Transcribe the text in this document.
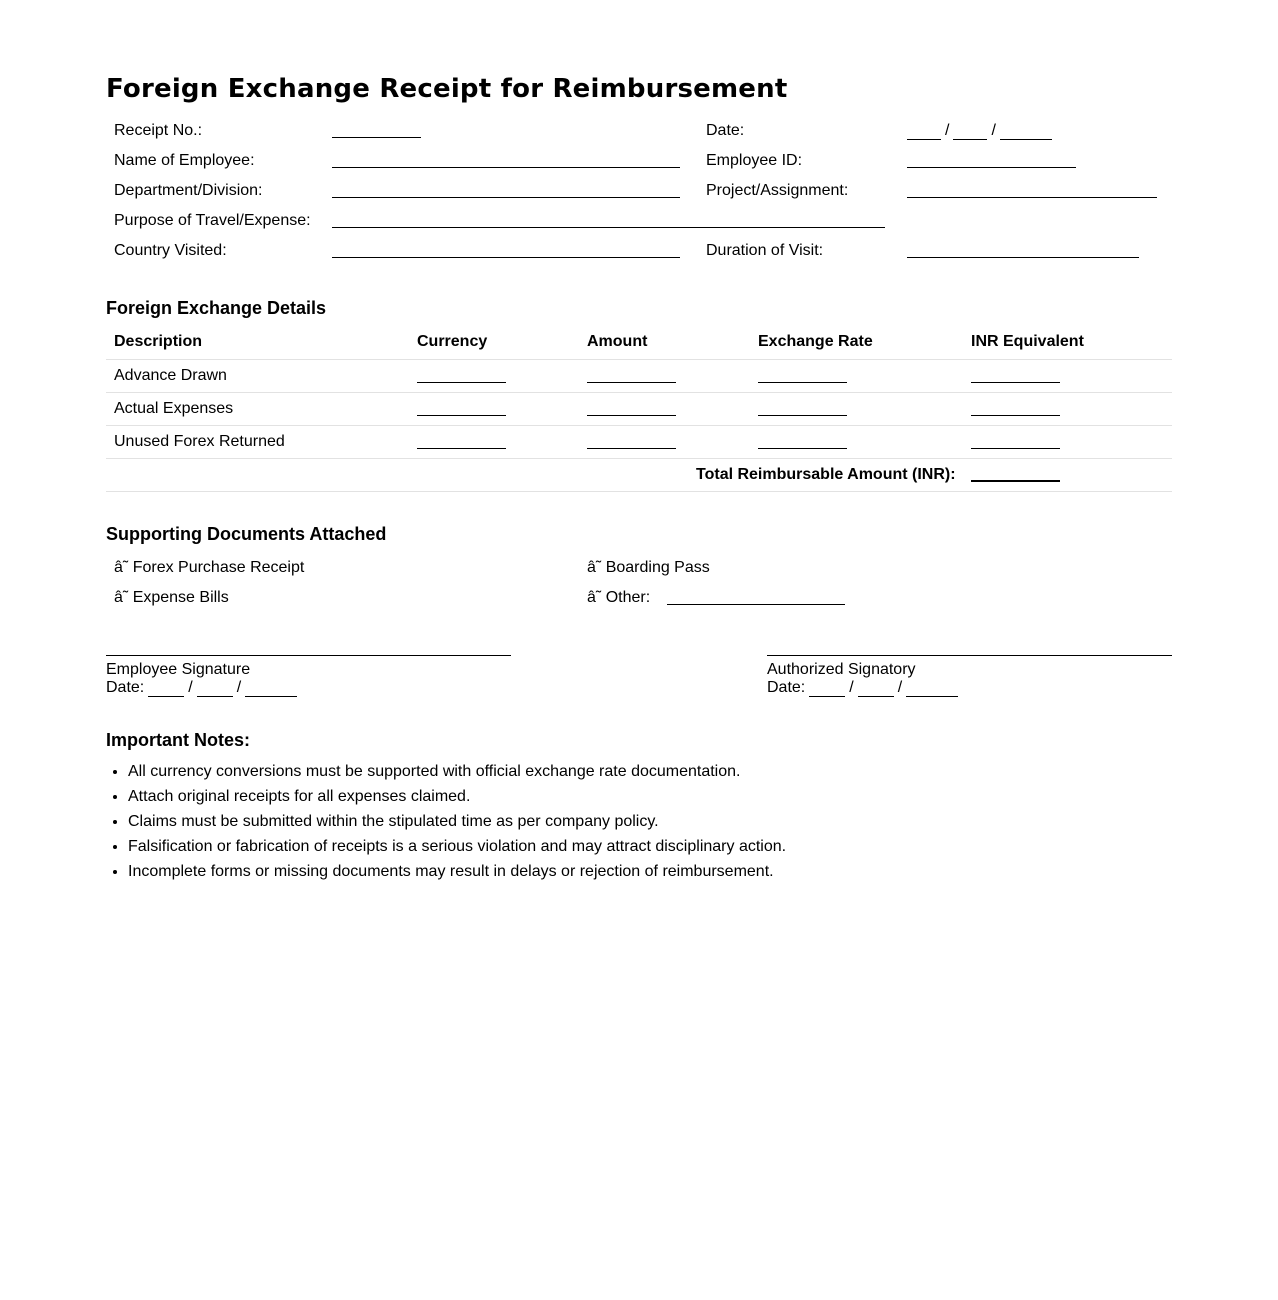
Foreign Exchange Receipt for Reimbursement
Receipt No.:	Date:	/	/
Name of Employee:	Employee ID:
Department/Division:	Project/Assignment:
Purpose of Travel/Expense:
Country Visited:	Duration of Visit:
Foreign Exchange Details
Description	Currency	Amount	Exchange Rate	INR Equivalent
Advance Drawn
Actual Expenses
Unused Forex Returned
Total Reimbursable Amount (INR):
Supporting Documents Attached
â˜ Forex Purchase Receipt	â˜ Boarding Pass
â˜ Expense Bills	â˜ Other:
Employee Signature
Date:	/	/
Authorized Signatory
Date:	/	/
Important Notes:
• All currency conversions must be supported with official exchange rate documentation.
• Attach original receipts for all expenses claimed.
• Claims must be submitted within the stipulated time as per company policy.
• Falsification or fabrication of receipts is a serious violation and may attract disciplinary action.
• Incomplete forms or missing documents may result in delays or rejection of reimbursement.
